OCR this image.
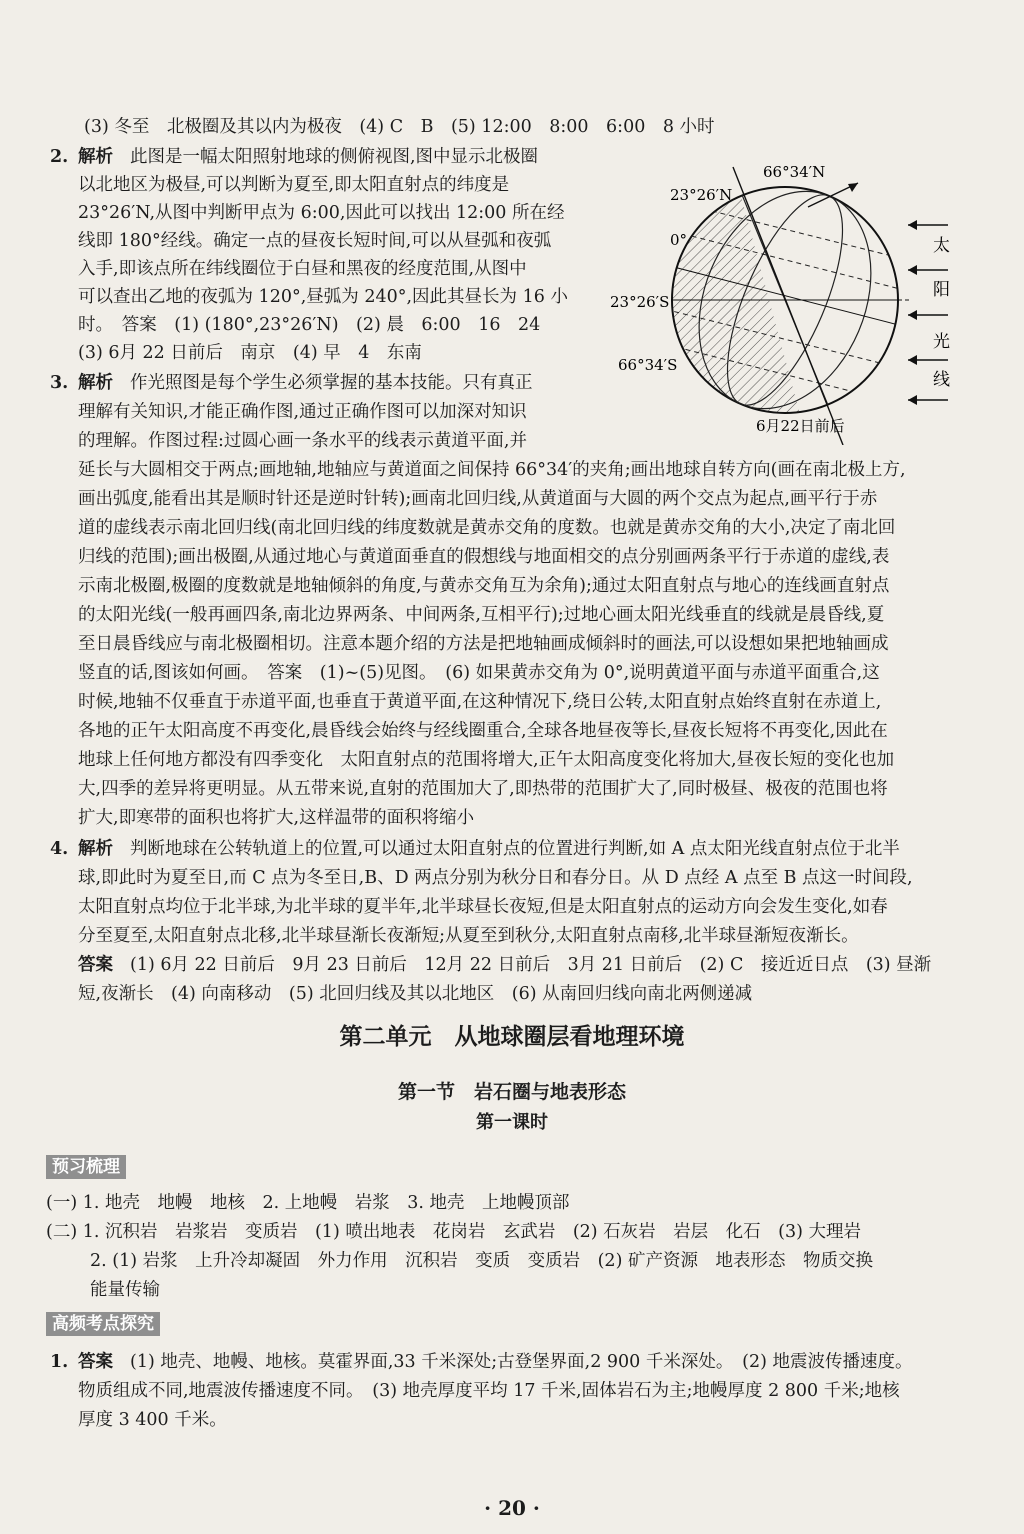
(3) 冬至　北极圈及其以内为极夜　(4) C　B　(5) 12:00　8:00　6:00　8 小时
2. 解析 此图是一幅太阳照射地球的侧俯视图,图中显示北极圈
以北地区为极昼,可以判断为夏至,即太阳直射点的纬度是
23°26′N,从图中判断甲点为 6:00,因此可以找出 12:00 所在经
线即 180°经线。确定一点的昼夜长短时间,可以从昼弧和夜弧
入手,即该点所在纬线圈位于白昼和黑夜的经度范围,从图中
可以查出乙地的夜弧为 120°,昼弧为 240°,因此其昼长为 16 小
时。　答案　(1) (180°,23°26′N)　(2) 晨　6:00　16　24
(3) 6月 22 日前后　南京　(4) 早　4　东南
3. 解析 作光照图是每个学生必须掌握的基本技能。只有真正
理解有关知识,才能正确作图,通过正确作图可以加深对知识
的理解。作图过程:过圆心画一条水平的线表示黄道平面,并
延长与大圆相交于两点;画地轴,地轴应与黄道面之间保持 66°34′的夹角;画出地球自转方向(画在南北极上方,
画出弧度,能看出其是顺时针还是逆时针转);画南北回归线,从黄道面与大圆的两个交点为起点,画平行于赤
道的虚线表示南北回归线(南北回归线的纬度数就是黄赤交角的度数。也就是黄赤交角的大小,决定了南北回
归线的范围);画出极圈,从通过地心与黄道面垂直的假想线与地面相交的点分别画两条平行于赤道的虚线,表
示南北极圈,极圈的度数就是地轴倾斜的角度,与黄赤交角互为余角);通过太阳直射点与地心的连线画直射点
的太阳光线(一般再画四条,南北边界两条、中间两条,互相平行);过地心画太阳光线垂直的线就是晨昏线,夏
至日晨昏线应与南北极圈相切。注意本题介绍的方法是把地轴画成倾斜时的画法,可以设想如果把地轴画成
竖直的话,图该如何画。　答案　(1)~(5)见图。　(6) 如果黄赤交角为 0°,说明黄道平面与赤道平面重合,这
时候,地轴不仅垂直于赤道平面,也垂直于黄道平面,在这种情况下,绕日公转,太阳直射点始终直射在赤道上,
各地的正午太阳高度不再变化,晨昏线会始终与经线圈重合,全球各地昼夜等长,昼夜长短将不再变化,因此在
地球上任何地方都没有四季变化　太阳直射点的范围将增大,正午太阳高度变化将加大,昼夜长短的变化也加
大,四季的差异将更明显。从五带来说,直射的范围加大了,即热带的范围扩大了,同时极昼、极夜的范围也将
扩大,即寒带的面积也将扩大,这样温带的面积将缩小
4. 解析 判断地球在公转轨道上的位置,可以通过太阳直射点的位置进行判断,如 A 点太阳光线直射点位于北半
球,即此时为夏至日,而 C 点为冬至日,B、D 两点分别为秋分日和春分日。从 D 点经 A 点至 B 点这一时间段,
太阳直射点均位于北半球,为北半球的夏半年,北半球昼长夜短,但是太阳直射点的运动方向会发生变化,如春
分至夏至,太阳直射点北移,北半球昼渐长夜渐短;从夏至到秋分,太阳直射点南移,北半球昼渐短夜渐长。
答案 (1) 6月 22 日前后　9月 23 日前后　12月 22 日前后　3月 21 日前后　(2) C　接近近日点　(3) 昼渐
短,夜渐长　(4) 向南移动　(5) 北回归线及其以北地区　(6) 从南回归线向南北两侧递减
第二单元　从地球圈层看地理环境
第一节　岩石圈与地表形态
第一课时
预习梳理
(一) 1. 地壳　地幔　地核　2. 上地幔　岩浆　3. 地壳　上地幔顶部
(二) 1. 沉积岩　岩浆岩　变质岩　(1) 喷出地表　花岗岩　玄武岩　(2) 石灰岩　岩层　化石　(3) 大理岩
2. (1) 岩浆　上升冷却凝固　外力作用　沉积岩　变质　变质岩　(2) 矿产资源　地表形态　物质交换
能量传输
高频考点探究
1. 答案 (1) 地壳、地幔、地核。莫霍界面,33 千米深处;古登堡界面,2 900 千米深处。　(2) 地震波传播速度。
物质组成不同,地震波传播速度不同。　(3) 地壳厚度平均 17 千米,固体岩石为主;地幔厚度 2 800 千米;地核
厚度 3 400 千米。
· 20 ·
66°34′N
23°26′N
0°
23°26′S
66°34′S
6月22日前后
太
阳
光
线
